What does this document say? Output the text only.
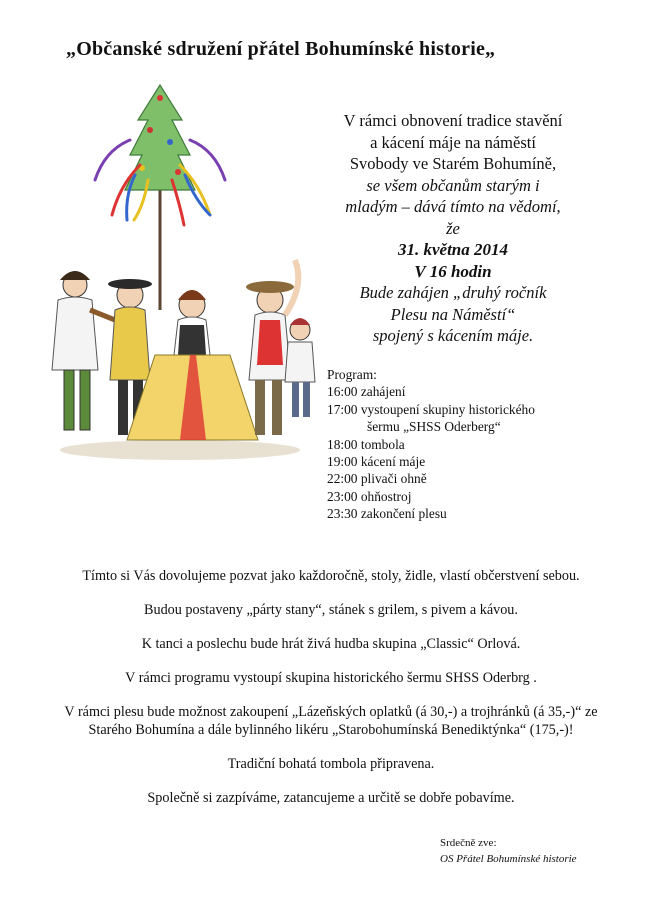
„Občanské sdružení přátel Bohumínské historie„
V rámci obnovení tradice stavění
a kácení máje na náměstí
Svobody ve Starém Bohumíně,
se všem občanům starým i
mladým – dává tímto na vědomí,
že
31. května 2014
V 16 hodin
Bude zahájen „druhý ročník
Plesu na Náměstí“
spojený s kácením máje.
Program:
16:00 zahájení
17:00 vystoupení skupiny historického
šermu „SHSS Oderberg“
18:00 tombola
19:00 kácení máje
22:00 plivači ohně
23:00 ohňostroj
23:30 zakončení plesu

Tímto si Vás dovolujeme pozvat jako každoročně, stoly, židle, vlastí občerstvení sebou.

Budou postaveny „párty stany“, stánek s grilem, s pivem a kávou.

K tanci a poslechu bude hrát živá hudba skupina „Classic“ Orlová.

V rámci programu vystoupí skupina historického šermu SHSS Oderbrg .

V rámci plesu bude možnost zakoupení „Lázeňských oplatků (á 30,-) a trojhránků (á 35,-)“ ze
Starého Bohumína a dále bylinného likéru „Starobohumínská Benediktýnka“ (175,-)!

Tradiční bohatá tombola připravena.

Společně si zazpíváme, zatancujeme a určitě se dobře pobavíme.

Srdečně zve:
OS Přátel Bohumínské historie
